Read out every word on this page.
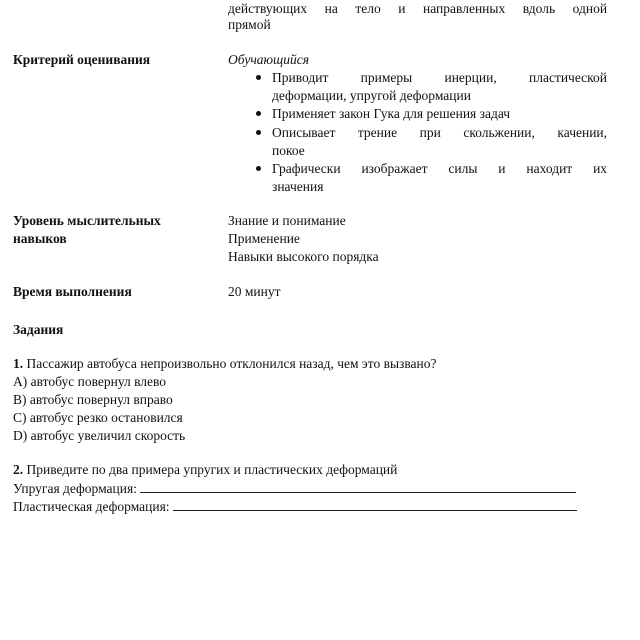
действующих на тело и направленных вдоль одной
прямой
Критерий оценивания	Обучающийся
Приводит примеры инерции, пластической
деформации, упругой деформации
Применяет закон Гука для решения задач
Описывает трение при скольжении, качении,
покое
Графически изображает силы и находит их
значения
Уровень мыслительных
навыков
Знание и понимание
Применение
Навыки высокого порядка
Время выполнения	20 минут
Задания
1. Пассажир автобуса непроизвольно отклонился назад, чем это вызвано?
А) автобус повернул влево
В) автобус повернул вправо
С) автобус резко остановился
D) автобус увеличил скорость
2. Приведите по два примера упругих и пластических деформаций
Упругая деформация:
Пластическая деформация:
